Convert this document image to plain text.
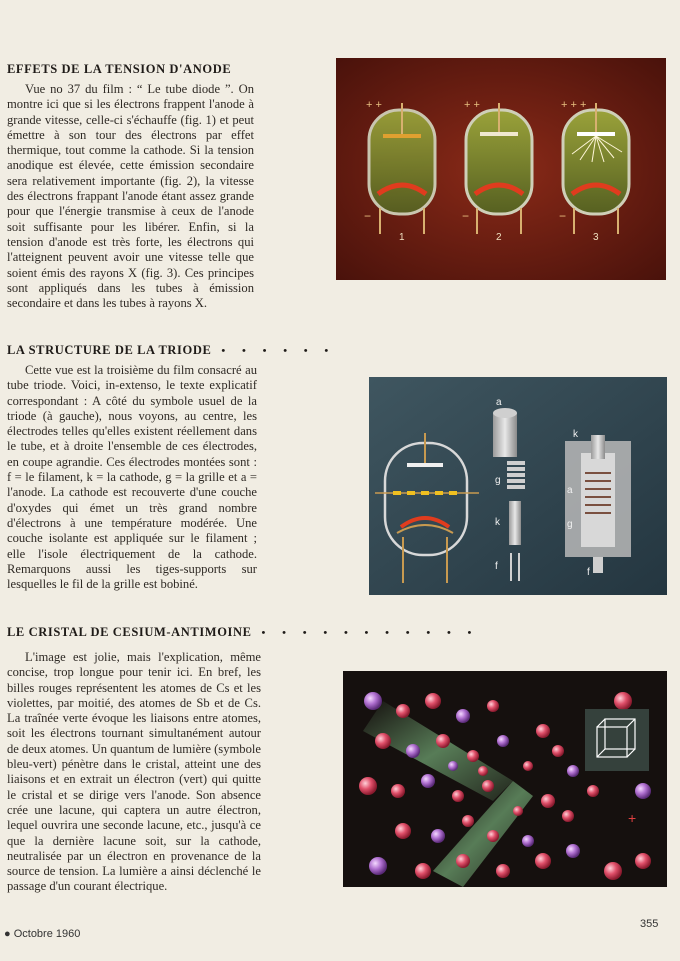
EFFETS DE LA TENSION D'ANODE
Vue no 37 du film : “ Le tube diode ”. On montre ici que si les électrons frappent l'anode à grande vitesse, celle-ci s'échauffe (fig. 1) et peut émettre à son tour des électrons par effet thermique, tout comme la cathode. Si la tension anodique est élevée, cette émission secondaire sera relativement importante (fig. 2), la vitesse des électrons frappant l'anode étant assez grande pour que l'énergie transmise à ceux de l'anode soit suffisante pour les libérer. Enfin, si la tension d'anode est très forte, les électrons qui l'atteignent peuvent avoir une vitesse telle que soient émis des rayons X (fig. 3). Ces principes sont appliqués dans les tubes à émission secondaire et dans les tubes à rayons X.
+ +	+ +	+ + +
−	−	−
1	2	3
LA STRUCTURE DE LA TRIODE • • • • • •
Cette vue est la troisième du film consacré au tube triode. Voici, in-extenso, le texte explicatif correspondant : A côté du symbole usuel de la triode (à gauche), nous voyons, au centre, les électrodes telles qu'elles existent réellement dans le tube, et à droite l'ensemble de ces électrodes, en coupe agrandie. Ces électrodes montées sont : f = le filament, k = la cathode, g = la grille et a = l'anode. La cathode est recouverte d'une couche d'oxydes qui émet un très grand nombre d'électrons à une température modérée. Une couche isolante est appliquée sur le filament ; elle l'isole électriquement de la cathode. Remarquons aussi les tiges-supports sur lesquelles le fil de la grille est bobiné.
a
g
k
f
k
a
g
f
LE CRISTAL DE CESIUM-ANTIMOINE • • • • • • • • • • •
L'image est jolie, mais l'explication, même concise, trop longue pour tenir ici. En bref, les billes rouges représentent les atomes de Cs et les violettes, par moitié, des atomes de Sb et de Cs. La traînée verte évoque les liaisons entre atomes, soit les électrons tournant simultanément autour de deux atomes. Un quantum de lumière (symbole bleu-vert) pénètre dans le cristal, atteint une des liaisons et en extrait un électron (vert) qui quitte le cristal et se dirige vers l'anode. Son absence crée une lacune, qui captera un autre électron, lequel ouvrira une seconde lacune, etc., jusqu'à ce que la dernière lacune soit, sur la cathode, neutralisée par un électron en provenance de la source de tension. La lumière a ainsi déclenché le passage d'un courant électrique.
+
● Octobre 1960
355
